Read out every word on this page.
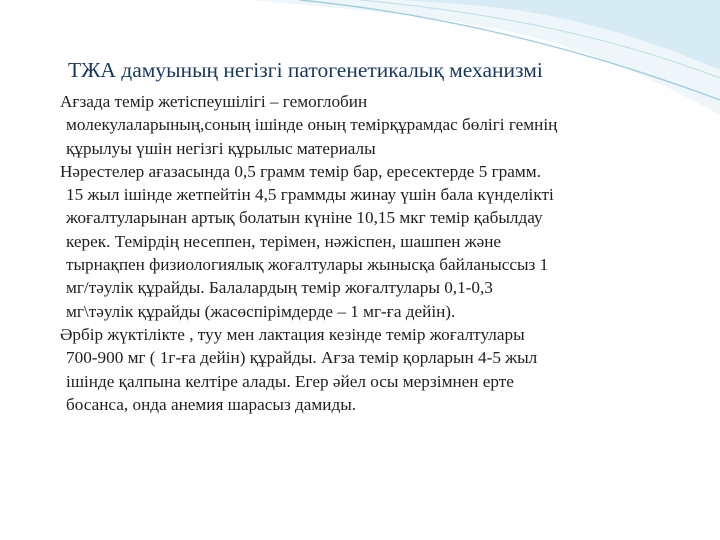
ТЖА дамуының негізгі патогенетикалық механизмі

Ағзада темір жетіспеушілігі – гемоглобин
молекулаларының,соның ішінде оның темірқұрамдас бөлігі гемнің
құрылуы үшін негізгі құрылыс материалы

Нәрестелер ағазасында 0,5 грамм темір бар, ересектерде 5 грамм.
15 жыл ішінде жетпейтін 4,5 граммды жинау үшін бала күнделікті
жоғалтуларынан артық болатын күніне 10,15 мкг темір қабылдау
керек. Темірдің несеппен, терімен, нәжіспен, шашпен және
тырнақпен физиологиялық жоғалтулары жынысқа байланыссыз 1
мг/тәулік құрайды. Балалардың темір жоғалтулары 0,1-0,3
мг\тәулік құрайды (жасөспірімдерде – 1 мг-ға дейін).

Әрбір жүктілікте , туу мен лактация кезінде темір жоғалтулары
700-900 мг ( 1г-ға дейін) құрайды. Ағза темір қорларын 4-5 жыл
ішінде қалпына келтіре алады. Егер әйел осы мерзімнен ерте
босанса, онда анемия шарасыз дамиды.
